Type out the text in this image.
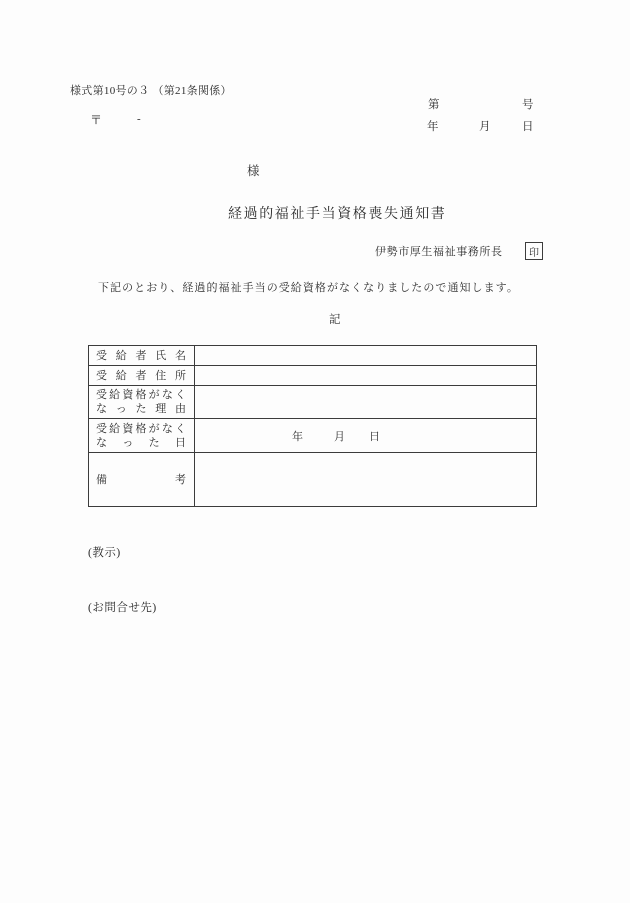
様式第10号の３ （第21条関係）
第	号
〒	-
年	月	日
様
経過的福祉手当資格喪失通知書
伊勢市厚生福祉事務所長	印
下記のとおり、経過的福祉手当の受給資格がなくなりましたので通知します。
記
受給者氏名	

受給者住所	

受給資格がなく
なった理由	

受給資格がなく
なった日	年 月 日

備考	

(教示)
(お問合せ先)
